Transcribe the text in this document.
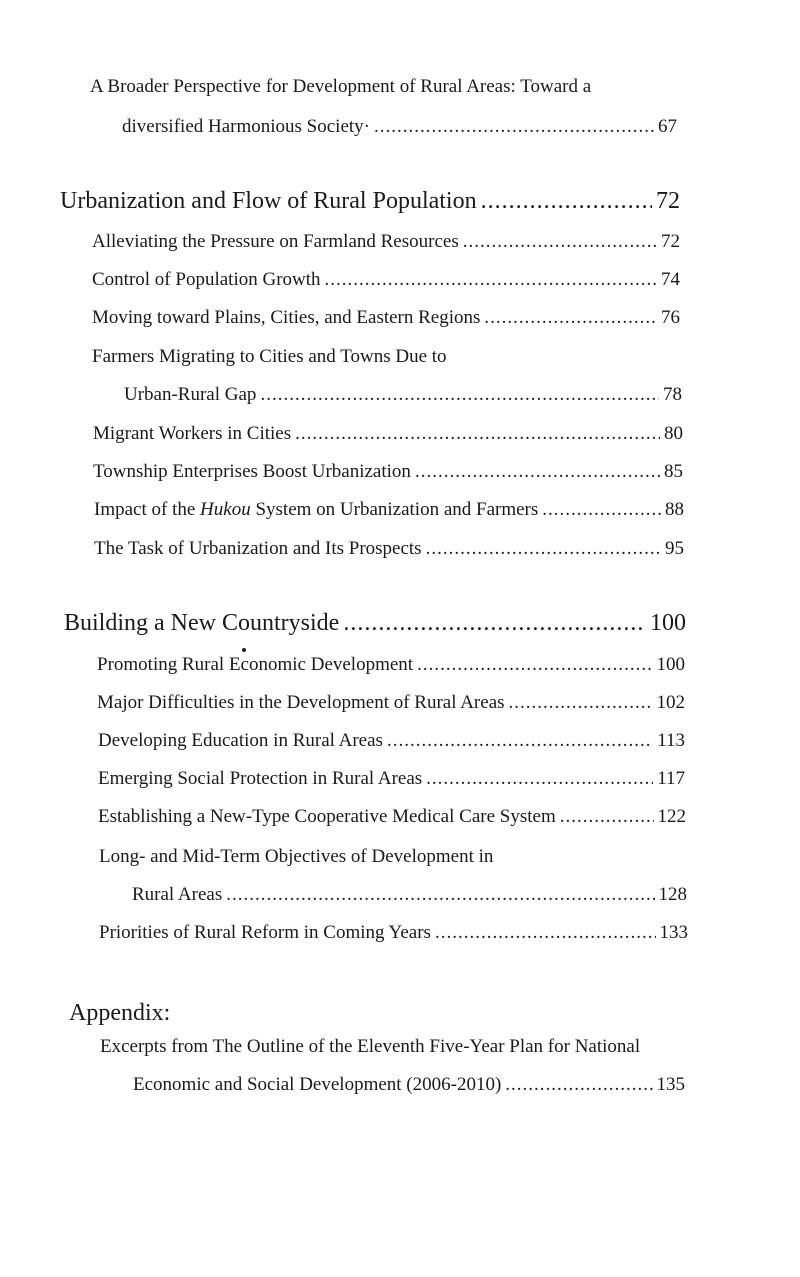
A Broader Perspective for Development of Rural Areas: Toward a
diversified Harmonious Society· .....	67
Urbanization and Flow of Rural Population .....	72
Alleviating the Pressure on Farmland Resources .....	72
Control of Population Growth .....	74
Moving toward Plains, Cities, and Eastern Regions .....	76
Farmers Migrating to Cities and Towns Due to
Urban-Rural Gap .....	78
Migrant Workers in Cities .....	80
Township Enterprises Boost Urbanization .....	85
Impact of the Hukou System on Urbanization and Farmers .....	88
The Task of Urbanization and Its Prospects .....	95
Building a New Countryside .....	100
Promoting Rural Economic Development .....	100
Major Difficulties in the Development of Rural Areas .....	102
Developing Education in Rural Areas .....	113
Emerging Social Protection in Rural Areas .....	117
Establishing a New-Type Cooperative Medical Care System .....	122
Long- and Mid-Term Objectives of Development in
Rural Areas .....	128
Priorities of Rural Reform in Coming Years .....	133
Appendix:
Excerpts from The Outline of the Eleventh Five-Year Plan for National
Economic and Social Development (2006-2010) .....	135
